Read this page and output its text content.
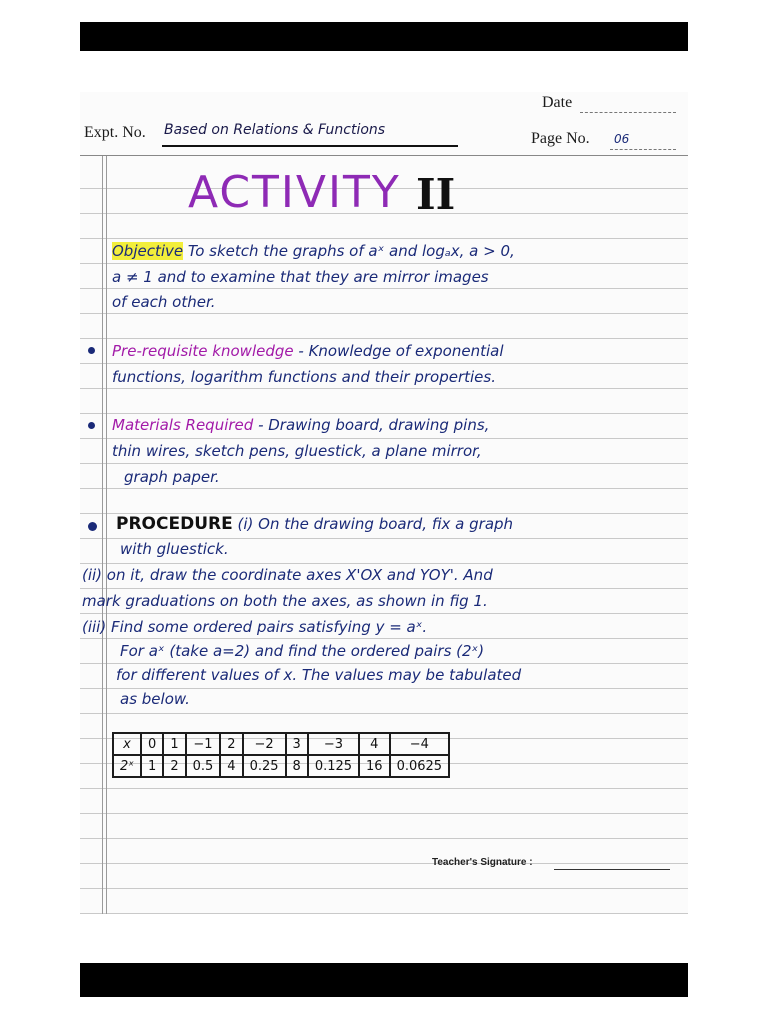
Date
Expt. No. Based on Relations & Functions	Page No. 06
ACTIVITY II
Objective To sketch the graphs of aˣ and logₐx, a > 0,
a ≠ 1 and to examine that they are mirror images
of each other.
Pre-requisite knowledge - Knowledge of exponential
functions, logarithm functions and their properties.
Materials Required - Drawing board, drawing pins,
thin wires, sketch pens, gluestick, a plane mirror,
graph paper.
PROCEDURE (i) On the drawing board, fix a graph
with gluestick.
(ii) on it, draw the coordinate axes X'OX and YOY'. And
mark graduations on both the axes, as shown in fig 1.
(iii) Find some ordered pairs satisfying y = aˣ.
For aˣ (take a=2) and find the ordered pairs (2ˣ)
for different values of x. The values may be tabulated
as below.
x	0	1	−1	2	−2	3	−3	4	−4
2ˣ	1	2	0.5	4	0.25	8	0.125	16	0.0625
Teacher's Signature :
